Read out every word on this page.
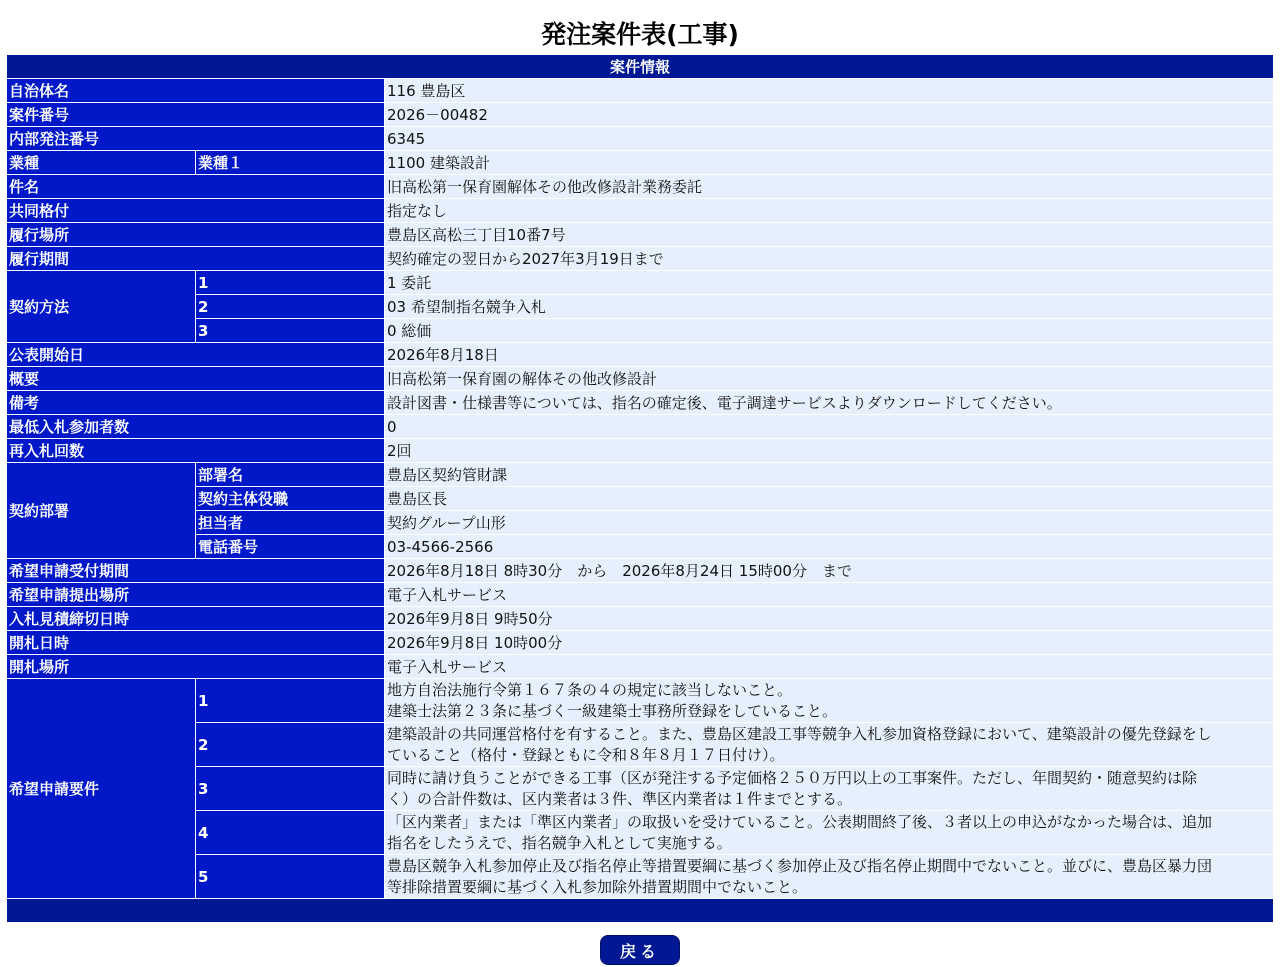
発注案件表(工事)
案件情報		
自治体名		116 豊島区
案件番号		2026－00482
内部発注番号		6345
業種	業種１	1100 建築設計
件名		旧高松第一保育園解体その他改修設計業務委託
共同格付		指定なし
履行場所		豊島区高松三丁目10番7号
履行期間		契約確定の翌日から2027年3月19日まで
契約方法	1	1 委託
	2	03 希望制指名競争入札
	3	0 総価
公表開始日		2026年8月18日
概要		旧高松第一保育園の解体その他改修設計
備考		設計図書・仕様書等については、指名の確定後、電子調達サービスよりダウンロードしてください。
最低入札参加者数		0
再入札回数		2回
契約部署	部署名	豊島区契約管財課
	契約主体役職	豊島区長
	担当者	契約グループ山形
	電話番号	03-4566-2566
希望申請受付期間		2026年8月18日 8時30分　から　2026年8月24日 15時00分　まで
希望申請提出場所		電子入札サービス
入札見積締切日時		2026年9月8日 9時50分
開札日時		2026年9月8日 10時00分
開札場所		電子入札サービス
希望申請要件	1	地方自治法施行令第１６７条の４の規定に該当しないこと。
建築士法第２３条に基づく一級建築士事務所登録をしていること。
	2	建築設計の共同運営格付を有すること。また、豊島区建設工事等競争入札参加資格登録において、建築設計の優先登録をし
ていること（格付・登録ともに令和８年８月１７日付け）。
	3	同時に請け負うことができる工事（区が発注する予定価格２５０万円以上の工事案件。ただし、年間契約・随意契約は除
く）の合計件数は、区内業者は３件、準区内業者は１件までとする。
	4	「区内業者」または「準区内業者」の取扱いを受けていること。公表期間終了後、３者以上の申込がなかった場合は、追加
指名をしたうえで、指名競争入札として実施する。
	5	豊島区競争入札参加停止及び指名停止等措置要綱に基づく参加停止及び指名停止期間中でないこと。並びに、豊島区暴力団
等排除措置要綱に基づく入札参加除外措置期間中でないこと。

戻る
